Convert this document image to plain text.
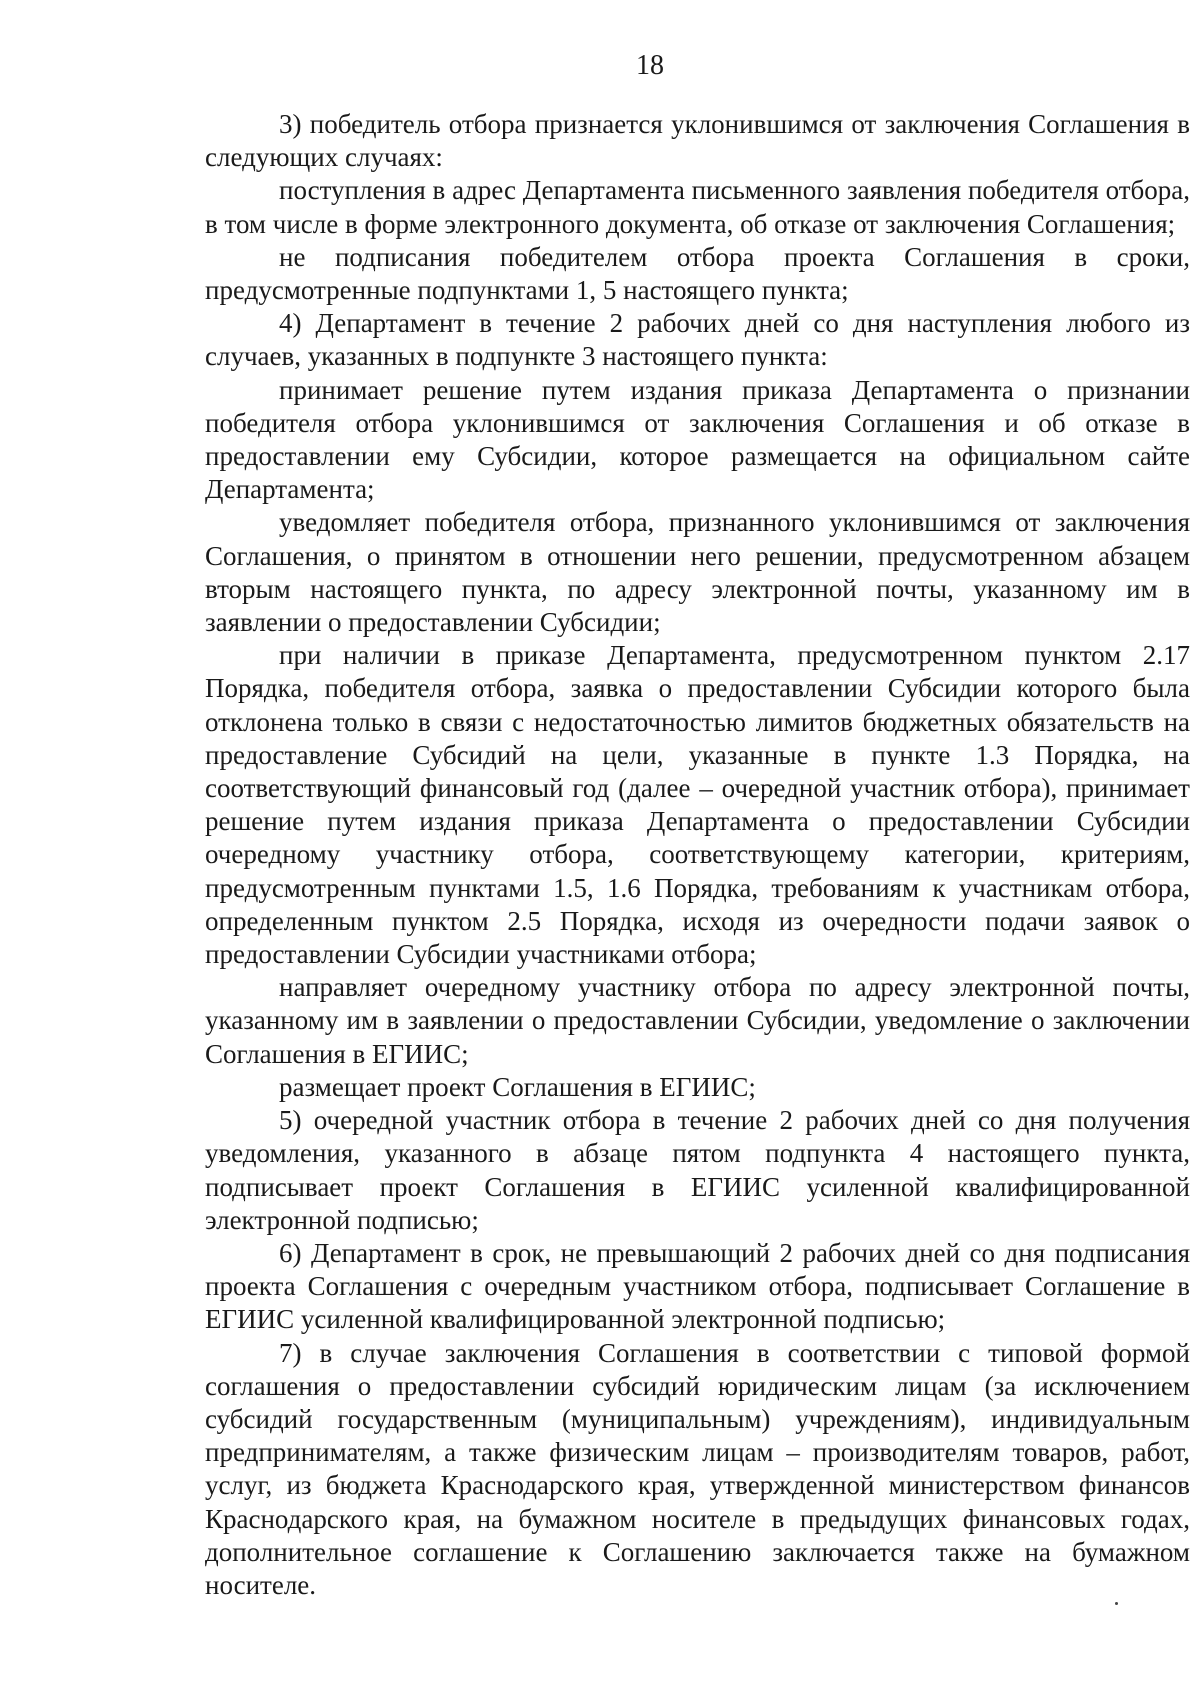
18

3) победитель отбора признается уклонившимся от заключения Соглашения в следующих случаях:

поступления в адрес Департамента письменного заявления победителя отбора, в том числе в форме электронного документа, об отказе от заключения Соглашения;

не подписания победителем отбора проекта Соглашения в сроки, предусмотренные подпунктами 1, 5 настоящего пункта;

4) Департамент в течение 2 рабочих дней со дня наступления любого из случаев, указанных в подпункте 3 настоящего пункта:

принимает решение путем издания приказа Департамента о признании победителя отбора уклонившимся от заключения Соглашения и об отказе в предоставлении ему Субсидии, которое размещается на официальном сайте Департамента;

уведомляет победителя отбора, признанного уклонившимся от заключения Соглашения, о принятом в отношении него решении, предусмотренном абзацем вторым настоящего пункта, по адресу электронной почты, указанному им в заявлении о предоставлении Субсидии;

при наличии в приказе Департамента, предусмотренном пунктом 2.17 Порядка, победителя отбора, заявка о предоставлении Субсидии которого была отклонена только в связи с недостаточностью лимитов бюджетных обязательств на предоставление Субсидий на цели, указанные в пункте 1.3 Порядка, на соответствующий финансовый год (далее – очередной участник отбора), принимает решение путем издания приказа Департамента о предоставлении Субсидии очередному участнику отбора, соответствующему категории, критериям, предусмотренным пунктами 1.5, 1.6 Порядка, требованиям к участникам отбора, определенным пунктом 2.5 Порядка, исходя из очередности подачи заявок о предоставлении Субсидии участниками отбора;

направляет очередному участнику отбора по адресу электронной почты, указанному им в заявлении о предоставлении Субсидии, уведомление о заключении Соглашения в ЕГИИС;

размещает проект Соглашения в ЕГИИС;

5) очередной участник отбора в течение 2 рабочих дней со дня получения уведомления, указанного в абзаце пятом подпункта 4 настоящего пункта, подписывает проект Соглашения в ЕГИИС усиленной квалифицированной электронной подписью;

6) Департамент в срок, не превышающий 2 рабочих дней со дня подписания проекта Соглашения с очередным участником отбора, подписывает Соглашение в ЕГИИС усиленной квалифицированной электронной подписью;

7) в случае заключения Соглашения в соответствии с типовой формой соглашения о предоставлении субсидий юридическим лицам (за исключением субсидий государственным (муниципальным) учреждениям), индивидуальным предпринимателям, а также физическим лицам – производителям товаров, работ, услуг, из бюджета Краснодарского края, утвержденной министерством финансов Краснодарского края, на бумажном носителе в предыдущих финансовых годах, дополнительное соглашение к Соглашению заключается также на бумажном носителе.
